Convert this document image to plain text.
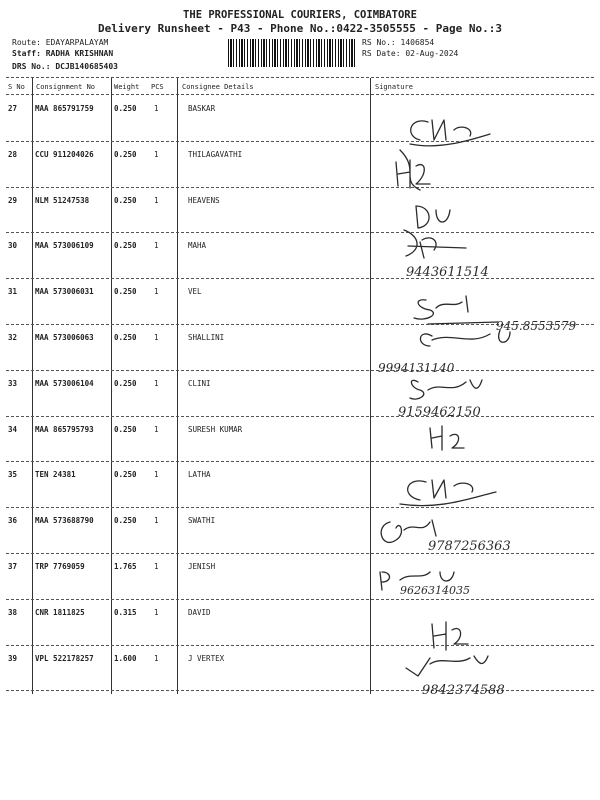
THE PROFESSIONAL COURIERS, COIMBATORE
Delivery Runsheet - P43 - Phone No.:0422-3505555 - Page No.:3
Route: EDAYARPALAYAM
Staff: RADHA KRISHNAN
DRS No.: DCJB140685403
RS No.: 1406854
RS Date: 02-Aug-2024
S No Consignment No	Weight PCS	Consignee Details	Signature
27 MAA 865791759	0.250 1	BASKAR
28 CCU 911204026	0.250 1	THILAGAVATHI
29 NLM 51247538	0.250 1	HEAVENS
30 MAA 573006109	0.250 1	MAHA
31 MAA 573006031	0.250 1	VEL
32 MAA 573006063	0.250 1	SHALLINI
33 MAA 573006104	0.250 1	CLINI
34 MAA 865795793	0.250 1	SURESH KUMAR
35 TEN 24381	0.250 1	LATHA
36 MAA 573688790	0.250 1	SWATHI
37 TRP 7769059	1.765 1	JENISH
38 CNR 1811825	0.315 1	DAVID
39 VPL 522178257	1.600 1	J VERTEX
9443611514
945.8553579
9994131140
9159462150
9787256363
9626314035
9842374588
